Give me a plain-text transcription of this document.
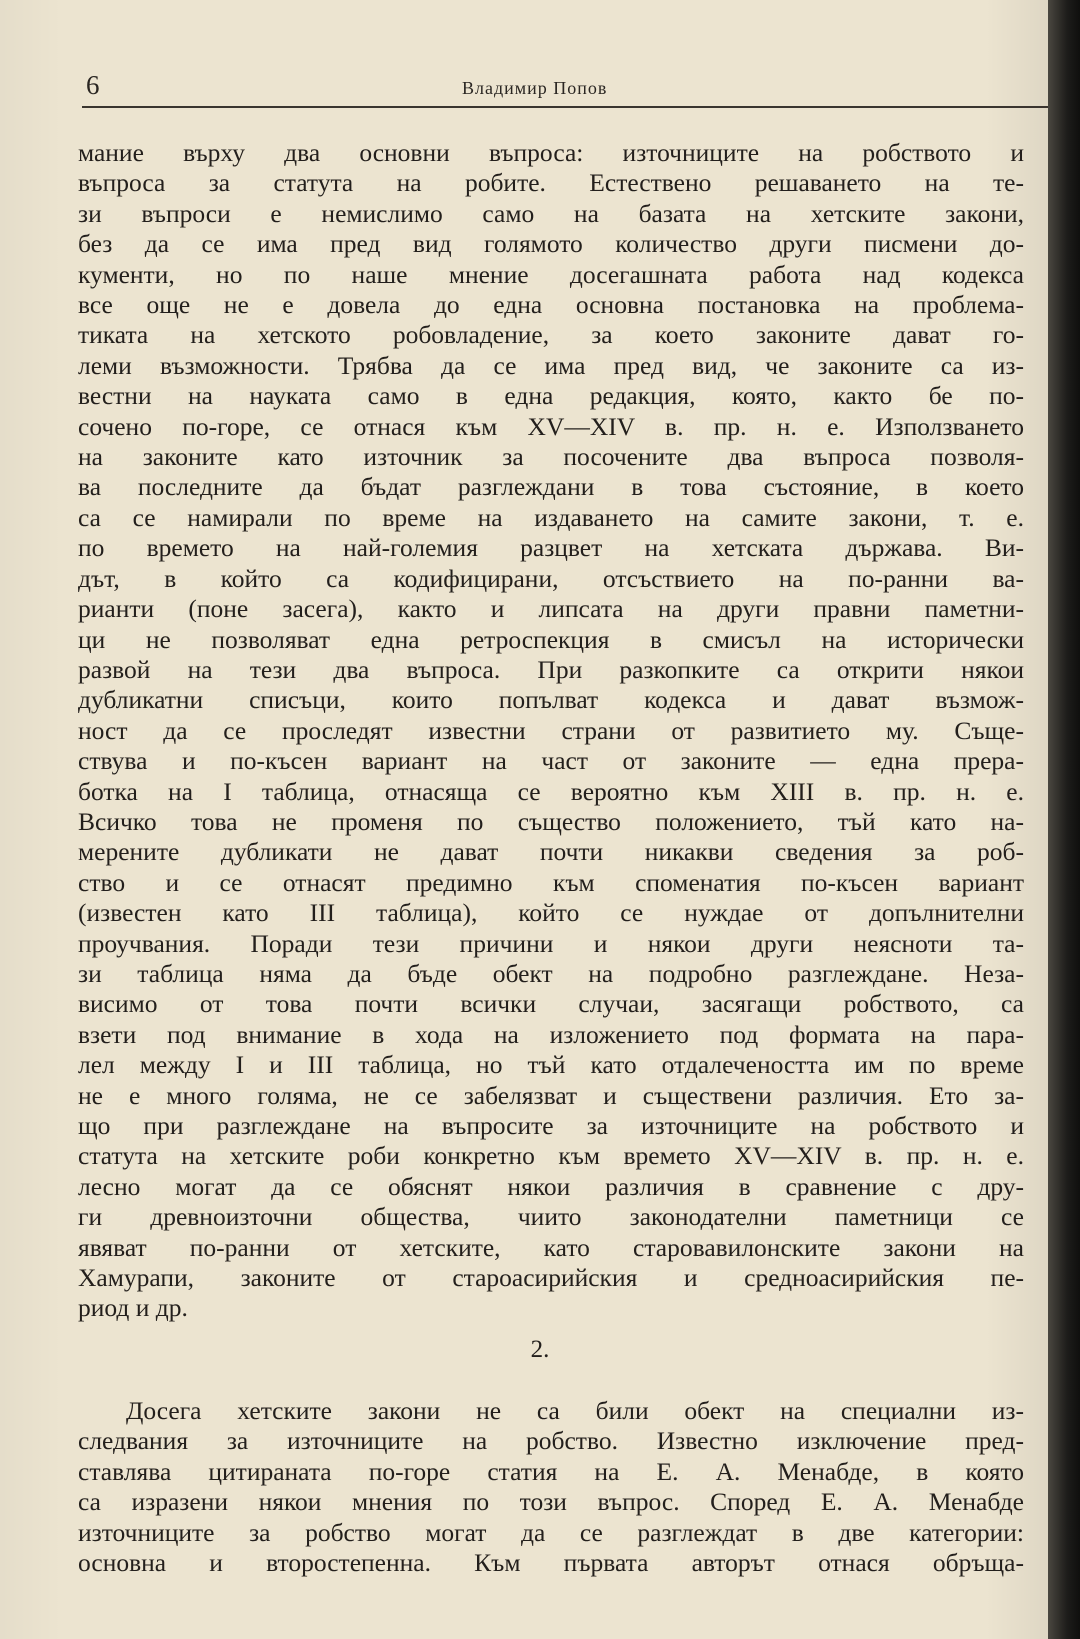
6	Владимир Попов
мание върху два основни въпроса: източниците на робството и
въпроса за статута на робите. Естествено решаването на те-
зи въпроси е немислимо само на базата на хетските закони,
без да се има пред вид голямото количество други писмени до-
кументи, но по наше мнение досегашната работа над кодекса
все още не е довела до една основна постановка на проблема-
тиката на хетското робовладение, за което законите дават го-
леми възможности. Трябва да се има пред вид, че законите са из-
вестни на науката само в една редакция, която, както бе по-
сочено по-горе, се отнася към XV—XIV в. пр. н. е. Използването
на законите като източник за посочените два въпроса позволя-
ва последните да бъдат разглеждани в това състояние, в което
са се намирали по време на издаването на самите закони, т. е.
по времето на най-големия разцвет на хетската държава. Ви-
дът, в който са кодифицирани, отсъствието на по-ранни ва-
рианти (поне засега), както и липсата на други правни паметни-
ци не позволяват една ретроспекция в смисъл на исторически
развой на тези два въпроса. При разкопките са открити някои
дубликатни списъци, които попълват кодекса и дават възмож-
ност да се проследят известни страни от развитието му. Съще-
ствува и по-късен вариант на част от законите — една прера-
ботка на I таблица, отнасяща се вероятно към XIII в. пр. н. е.
Всичко това не променя по същество положението, тъй като на-
мерените дубликати не дават почти никакви сведения за роб-
ство и се отнасят предимно към споменатия по-късен вариант
(известен като III таблица), който се нуждае от допълнителни
проучвания. Поради тези причини и някои други неясноти та-
зи таблица няма да бъде обект на подробно разглеждане. Неза-
висимо от това почти всички случаи, засягащи робството, са
взети под внимание в хода на изложението под формата на пара-
лел между I и III таблица, но тъй като отдалечеността им по време
не е много голяма, не се забелязват и съществени различия. Ето за-
що при разглеждане на въпросите за източниците на робството и
статута на хетските роби конкретно към времето XV—XIV в. пр. н. е.
лесно могат да се обяснят някои различия в сравнение с дру-
ги древноизточни общества, чиито законодателни паметници се
явяват по-ранни от хетските, като старовавилонските закони на
Хамурапи, законите от староасирийския и средноасирийския пе-
риод и др.
2.
Досега хетските закони не са били обект на специални из-
следвания за източниците на робство. Известно изключение пред-
ставлява цитираната по-горе статия на Е. А. Менабде, в която
са изразени някои мнения по този въпрос. Според Е. А. Менабде
източниците за робство могат да се разглеждат в две категории:
основна и второстепенна. Към първата авторът отнася обръща-
